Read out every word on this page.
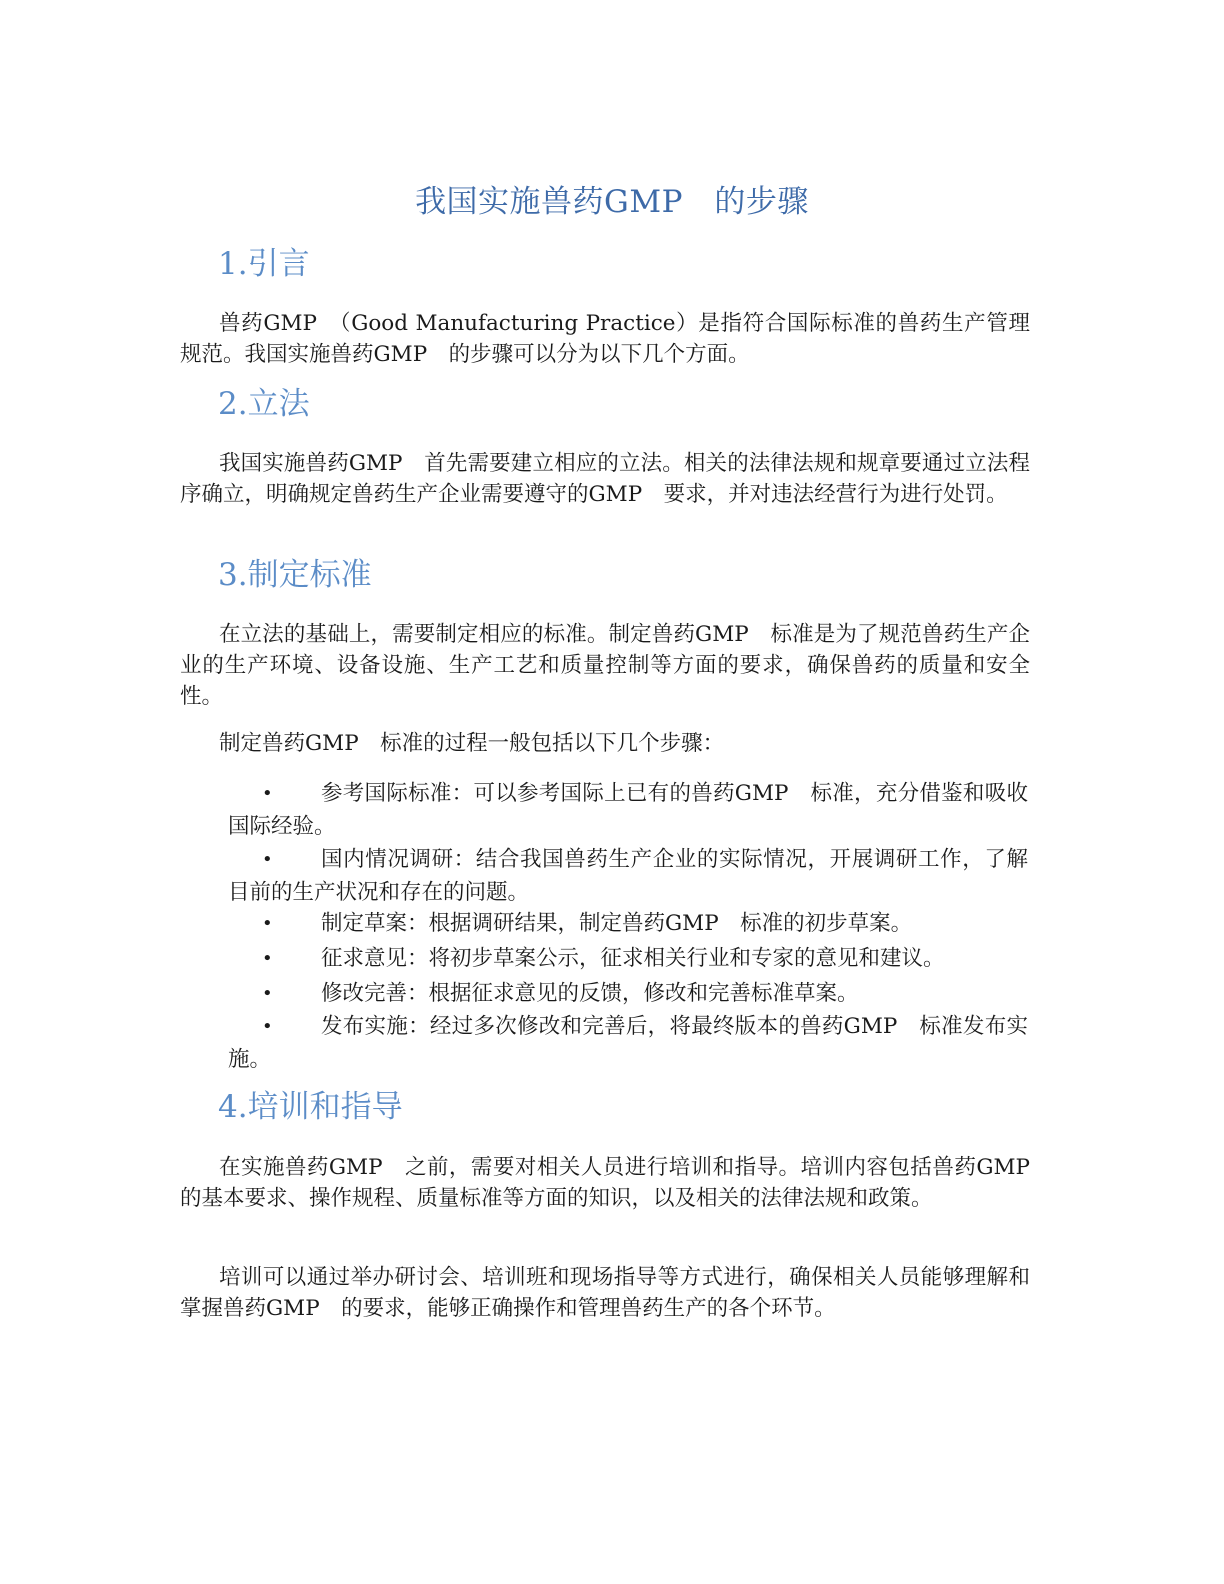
我国实施兽药GMP　的步骤
1.引言

兽药GMP　（Good Manufacturing Practice）是指符合国际标准的兽药生产管理规范。我国实施兽药GMP　的步骤可以分为以下几个方面。

2.立法

我国实施兽药GMP　首先需要建立相应的立法。相关的法律法规和规章要通过立法程序确立，明确规定兽药生产企业需要遵守的GMP　要求，并对违法经营行为进行处罚。

3.制定标准

在立法的基础上，需要制定相应的标准。制定兽药GMP　标准是为了规范兽药生产企业的生产环境、设备设施、生产工艺和质量控制等方面的要求，确保兽药的质量和安全性。

制定兽药GMP　标准的过程一般包括以下几个步骤：

•	参考国际标准：可以参考国际上已有的兽药GMP　标准，充分借鉴和吸收国际经验。

•	国内情况调研：结合我国兽药生产企业的实际情况，开展调研工作，了解目前的生产状况和存在的问题。

•	制定草案：根据调研结果，制定兽药GMP　标准的初步草案。

•	征求意见：将初步草案公示，征求相关行业和专家的意见和建议。

•	修改完善：根据征求意见的反馈，修改和完善标准草案。

•	发布实施：经过多次修改和完善后，将最终版本的兽药GMP　标准发布实施。

4.培训和指导

在实施兽药GMP　之前，需要对相关人员进行培训和指导。培训内容包括兽药GMP　的基本要求、操作规程、质量标准等方面的知识，以及相关的法律法规和政策。

培训可以通过举办研讨会、培训班和现场指导等方式进行，确保相关人员能够理解和掌握兽药GMP　的要求，能够正确操作和管理兽药生产的各个环节。
